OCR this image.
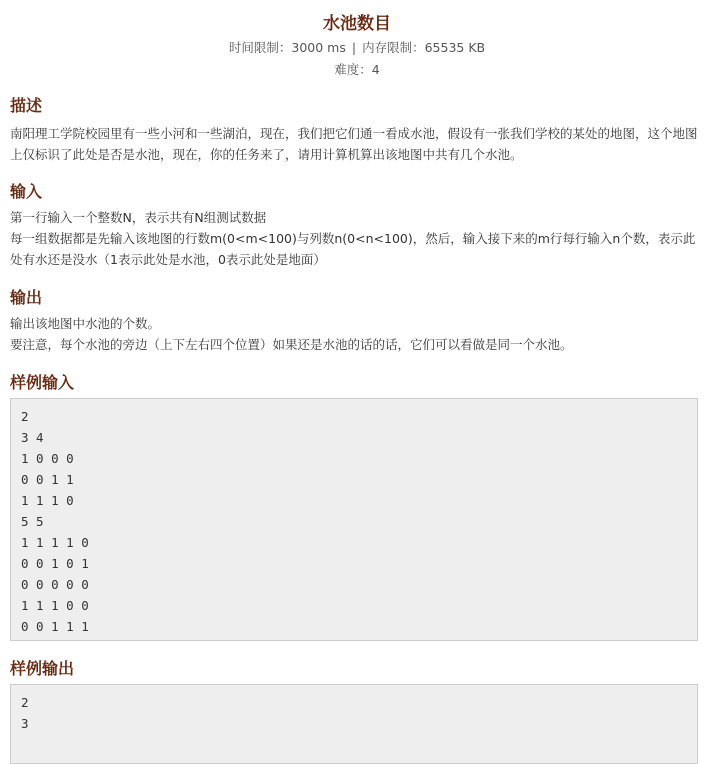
水池数目
时间限制：3000 ms | 内存限制：65535 KB
难度：4
描述

南阳理工学院校园里有一些小河和一些湖泊，现在，我们把它们通一看成水池，假设有一张我们学校的某处的地图，这个地图上仅标识了此处是否是水池，现在，你的任务来了，请用计算机算出该地图中共有几个水池。

输入

第一行输入一个整数N，表示共有N组测试数据

每一组数据都是先输入该地图的行数m(0<m<100)与列数n(0<n<100)，然后，输入接下来的m行每行输入n个数，表示此处有水还是没水（1表示此处是水池，0表示此处是地面）

输出

输出该地图中水池的个数。

要注意，每个水池的旁边（上下左右四个位置）如果还是水池的话的话，它们可以看做是同一个水池。

样例输入
2
3 4
1 0 0 0
0 0 1 1
1 1 1 0
5 5
1 1 1 1 0
0 0 1 0 1
0 0 0 0 0
1 1 1 0 0
0 0 1 1 1
样例输出
2
3
